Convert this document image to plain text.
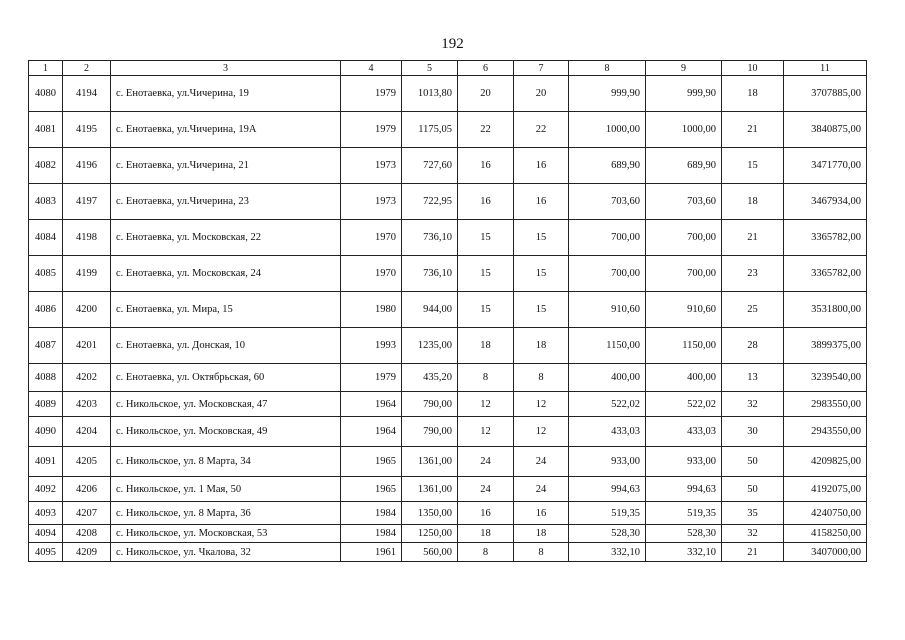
192
1	2	3	4	5	6	7	8	9	10	11
4080	4194	с. Енотаевка, ул.Чичерина, 19	1979	1013,80	20	20	999,90	999,90	18	3707885,00
4081	4195	с. Енотаевка, ул.Чичерина, 19А	1979	1175,05	22	22	1000,00	1000,00	21	3840875,00
4082	4196	с. Енотаевка, ул.Чичерина, 21	1973	727,60	16	16	689,90	689,90	15	3471770,00
4083	4197	с. Енотаевка, ул.Чичерина, 23	1973	722,95	16	16	703,60	703,60	18	3467934,00
4084	4198	с. Енотаевка, ул. Московская, 22	1970	736,10	15	15	700,00	700,00	21	3365782,00
4085	4199	с. Енотаевка, ул. Московская, 24	1970	736,10	15	15	700,00	700,00	23	3365782,00
4086	4200	с. Енотаевка, ул. Мира, 15	1980	944,00	15	15	910,60	910,60	25	3531800,00
4087	4201	с. Енотаевка, ул. Донская, 10	1993	1235,00	18	18	1150,00	1150,00	28	3899375,00
4088	4202	с. Енотаевка, ул. Октябрьская, 60	1979	435,20	8	8	400,00	400,00	13	3239540,00
4089	4203	с. Никольское, ул. Московская, 47	1964	790,00	12	12	522,02	522,02	32	2983550,00
4090	4204	с. Никольское, ул. Московская, 49	1964	790,00	12	12	433,03	433,03	30	2943550,00
4091	4205	с. Никольское, ул. 8 Марта, 34	1965	1361,00	24	24	933,00	933,00	50	4209825,00
4092	4206	с. Никольское, ул. 1 Мая, 50	1965	1361,00	24	24	994,63	994,63	50	4192075,00
4093	4207	с. Никольское, ул. 8 Марта, 36	1984	1350,00	16	16	519,35	519,35	35	4240750,00
4094	4208	с. Никольское, ул. Московская, 53	1984	1250,00	18	18	528,30	528,30	32	4158250,00
4095	4209	с. Никольское, ул. Чкалова, 32	1961	560,00	8	8	332,10	332,10	21	3407000,00
